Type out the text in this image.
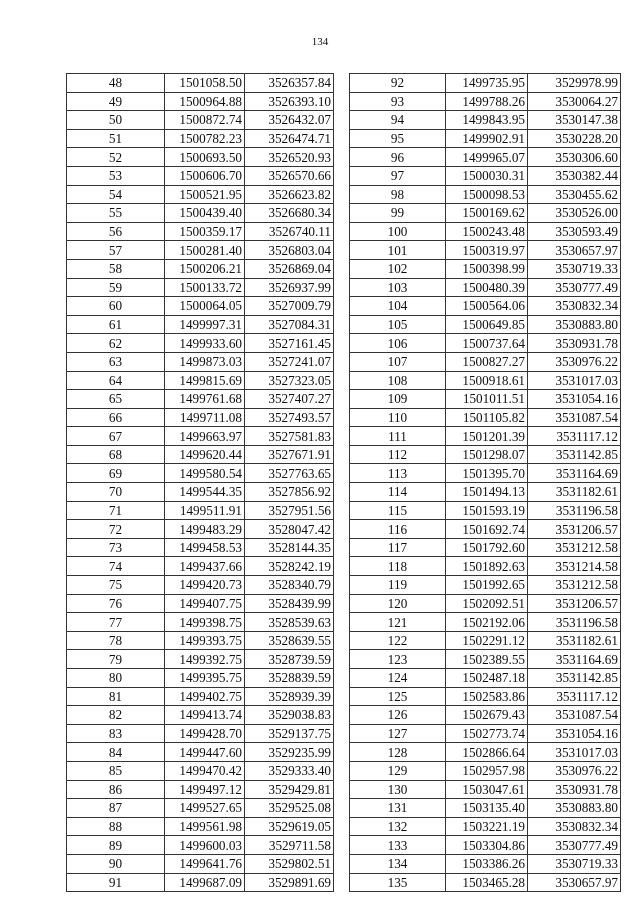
134
48	1501058.50	3526357.84
49	1500964.88	3526393.10
50	1500872.74	3526432.07
51	1500782.23	3526474.71
52	1500693.50	3526520.93
53	1500606.70	3526570.66
54	1500521.95	3526623.82
55	1500439.40	3526680.34
56	1500359.17	3526740.11
57	1500281.40	3526803.04
58	1500206.21	3526869.04
59	1500133.72	3526937.99
60	1500064.05	3527009.79
61	1499997.31	3527084.31
62	1499933.60	3527161.45
63	1499873.03	3527241.07
64	1499815.69	3527323.05
65	1499761.68	3527407.27
66	1499711.08	3527493.57
67	1499663.97	3527581.83
68	1499620.44	3527671.91
69	1499580.54	3527763.65
70	1499544.35	3527856.92
71	1499511.91	3527951.56
72	1499483.29	3528047.42
73	1499458.53	3528144.35
74	1499437.66	3528242.19
75	1499420.73	3528340.79
76	1499407.75	3528439.99
77	1499398.75	3528539.63
78	1499393.75	3528639.55
79	1499392.75	3528739.59
80	1499395.75	3528839.59
81	1499402.75	3528939.39
82	1499413.74	3529038.83
83	1499428.70	3529137.75
84	1499447.60	3529235.99
85	1499470.42	3529333.40
86	1499497.12	3529429.81
87	1499527.65	3529525.08
88	1499561.98	3529619.05
89	1499600.03	3529711.58
90	1499641.76	3529802.51
91	1499687.09	3529891.69
92	1499735.95	3529978.99
93	1499788.26	3530064.27
94	1499843.95	3530147.38
95	1499902.91	3530228.20
96	1499965.07	3530306.60
97	1500030.31	3530382.44
98	1500098.53	3530455.62
99	1500169.62	3530526.00
100	1500243.48	3530593.49
101	1500319.97	3530657.97
102	1500398.99	3530719.33
103	1500480.39	3530777.49
104	1500564.06	3530832.34
105	1500649.85	3530883.80
106	1500737.64	3530931.78
107	1500827.27	3530976.22
108	1500918.61	3531017.03
109	1501011.51	3531054.16
110	1501105.82	3531087.54
111	1501201.39	3531117.12
112	1501298.07	3531142.85
113	1501395.70	3531164.69
114	1501494.13	3531182.61
115	1501593.19	3531196.58
116	1501692.74	3531206.57
117	1501792.60	3531212.58
118	1501892.63	3531214.58
119	1501992.65	3531212.58
120	1502092.51	3531206.57
121	1502192.06	3531196.58
122	1502291.12	3531182.61
123	1502389.55	3531164.69
124	1502487.18	3531142.85
125	1502583.86	3531117.12
126	1502679.43	3531087.54
127	1502773.74	3531054.16
128	1502866.64	3531017.03
129	1502957.98	3530976.22
130	1503047.61	3530931.78
131	1503135.40	3530883.80
132	1503221.19	3530832.34
133	1503304.86	3530777.49
134	1503386.26	3530719.33
135	1503465.28	3530657.97
